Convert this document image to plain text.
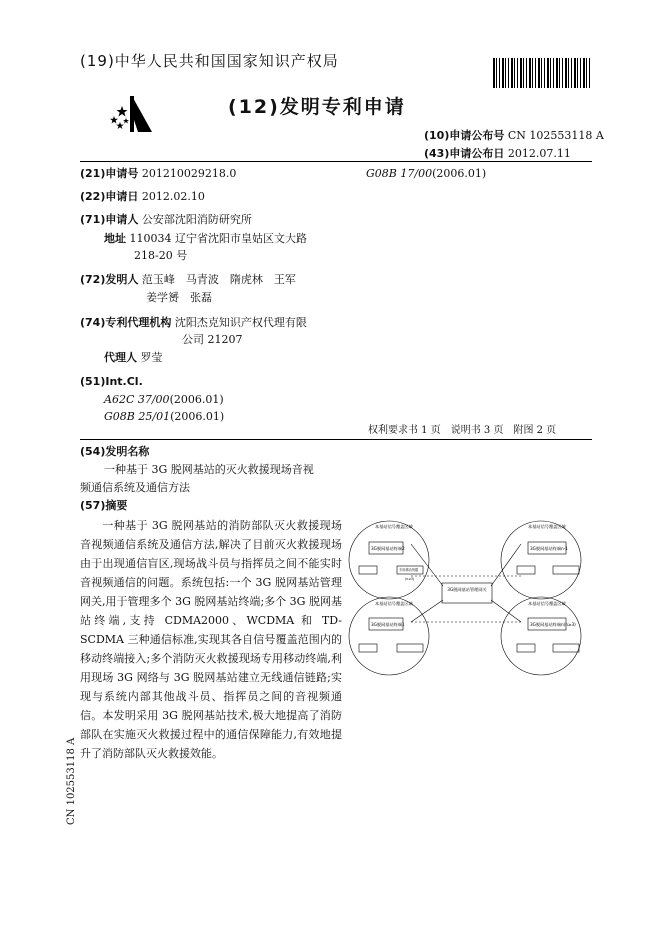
(19)中华人民共和国国家知识产权局
(12)发明专利申请
(10)申请公布号 CN 102553118 A
(43)申请公布日 2012.07.11
(21)申请号 201210029218.0	G08B 17/00(2006.01)
(22)申请日 2012.02.10
(71)申请人 公安部沈阳消防研究所
地址 110034 辽宁省沈阳市皇姑区文大路
218-20 号
(72)发明人 范玉峰　马青波　隋虎林　王军
姜学赟　张磊
(74)专利代理机构 沈阳杰克知识产权代理有限
公司 21207
代理人 罗莹
(51)Int.Cl.
A62C 37/00(2006.01)
G08B 25/01(2006.01)
权利要求书 1 页　说明书 3 页　附图 2 页
(54)发明名称
一种基于 3G 脱网基站的灭火救援现场音视
频通信系统及通信方法
(57)摘要
一种基于 3G 脱网基站的消防部队灭火救援现场音视频通信系统及通信方法,解决了目前灭火救援现场由于出现通信盲区,现场战斗员与指挥员之间不能实时音视频通信的问题。系统包括:一个 3G 脱网基站管理网关,用于管理多个 3G 脱网基站终端;多个 3G 脱网基站终端,支持 CDMA2000、WCDMA 和 TD-SCDMA 三种通信标准,实现其各自信号覆盖范围内的移动终端接入;多个消防灭火救援现场专用移动终端,利用现场 3G 网络与 3G 脱网基站建立无线通信链路;实现与系统内部其他战斗员、指挥员之间的音视频通信。本发明采用 3G 脱网基站技术,极大地提高了消防部队在实施灭火救援过程中的通信保障能力,有效地提升了消防部队灭火救援效能。
3G脱网基站管理网关
本基站信号覆盖区域	本基站信号覆盖区域
本基站信号覆盖区域	本基站信号覆盖区域
3G脱网基站终端2	3G脱网基站终端n-1
3G脱网基站终端1	3G脱网基站终端n(n≥3)
专用移动终端
(n≥3)
CN 102553118 A
